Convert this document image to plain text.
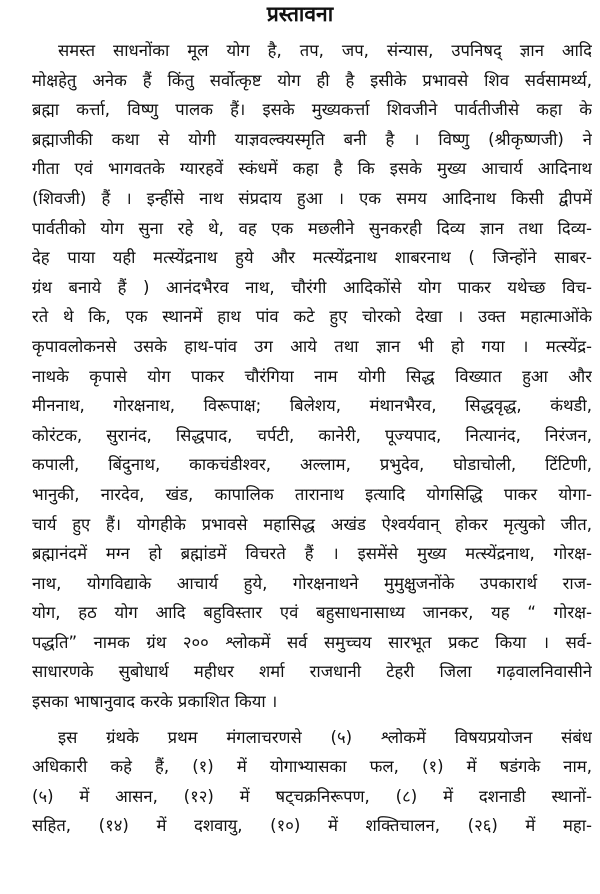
प्रस्तावना
समस्त साधनोंका मूल योग है, तप, जप, संन्यास, उपनिषद् ज्ञान आदि
मोक्षहेतु अनेक हैं किंतु सर्वोत्कृष्ट योग ही है इसीके प्रभावसे शिव सर्वसामर्थ्य,
ब्रह्मा कर्त्ता, विष्णु पालक हैं। इसके मुख्यकर्त्ता शिवजीने पार्वतीजीसे कहा के
ब्रह्माजीकी कथा से योगी याज्ञवल्क्यस्मृति बनी है । विष्णु (श्रीकृष्णजी) ने
गीता एवं भागवतके ग्यारहवें स्कंधमें कहा है कि इसके मुख्य आचार्य आदिनाथ
(शिवजी) हैं । इन्हींसे नाथ संप्रदाय हुआ । एक समय आदिनाथ किसी द्वीपमें
पार्वतीको योग सुना रहे थे, वह एक मछलीने सुनकरही दिव्य ज्ञान तथा दिव्य-
देह पाया यही मत्स्येंद्रनाथ हुये और मत्स्येंद्रनाथ शाबरनाथ ( जिन्होंने साबर-
ग्रंथ बनाये हैं ) आनंदभैरव नाथ, चौरंगी आदिकोंसे योग पाकर यथेच्छ विच-
रते थे कि, एक स्थानमें हाथ पांव कटे हुए चोरको देखा । उक्त महात्माओंके
कृपावलोकनसे उसके हाथ-पांव उग आये तथा ज्ञान भी हो गया । मत्स्येंद्र-
नाथके कृपासे योग पाकर चौरंगिया नाम योगी सिद्ध विख्यात हुआ और
मीननाथ, गोरक्षनाथ, विरूपाक्ष; बिलेशय, मंथानभैरव, सिद्धवृद्ध, कंथडी,
कोरंटक, सुरानंद, सिद्धपाद, चर्पटी, कानेरी, पूज्यपाद, नित्यानंद, निरंजन,
कपाली, बिंदुनाथ, काकचंडीश्वर, अल्लाम, प्रभुदेव, घोडाचोली, टिंटिणी,
भानुकी, नारदेव, खंड, कापालिक तारानाथ इत्यादि योगसिद्धि पाकर योगा-
चार्य हुए हैं। योगहीके प्रभावसे महासिद्ध अखंड ऐश्वर्यवान् होकर मृत्युको जीत,
ब्रह्मानंदमें मग्न हो ब्रह्मांडमें विचरते हैं । इसमेंसे मुख्य मत्स्येंद्रनाथ, गोरक्ष-
नाथ, योगविद्याके आचार्य हुये, गोरक्षनाथने मुमुक्षुजनोंके उपकारार्थ राज-
योग, हठ योग आदि बहुविस्तार एवं बहुसाधनासाध्य जानकर, यह “ गोरक्ष-
पद्धति” नामक ग्रंथ २०० श्लोकमें सर्व समुच्चय सारभूत प्रकट किया । सर्व-
साधारणके सुबोधार्थ महीधर शर्मा राजधानी टेहरी जिला गढ़वालनिवासीने
इसका भाषानुवाद करके प्रकाशित किया ।
इस ग्रंथके प्रथम मंगलाचरणसे (५) श्लोकमें विषयप्रयोजन संबंध
अधिकारी कहे हैं, (१) में योगाभ्यासका फल, (१) में षडंगके नाम,
(५) में आसन, (१२) में षट्चक्रनिरूपण, (८) में दशनाडी स्थानों-
सहित, (१४) में दशवायु, (१०) में शक्तिचालन, (२६) में महा-
